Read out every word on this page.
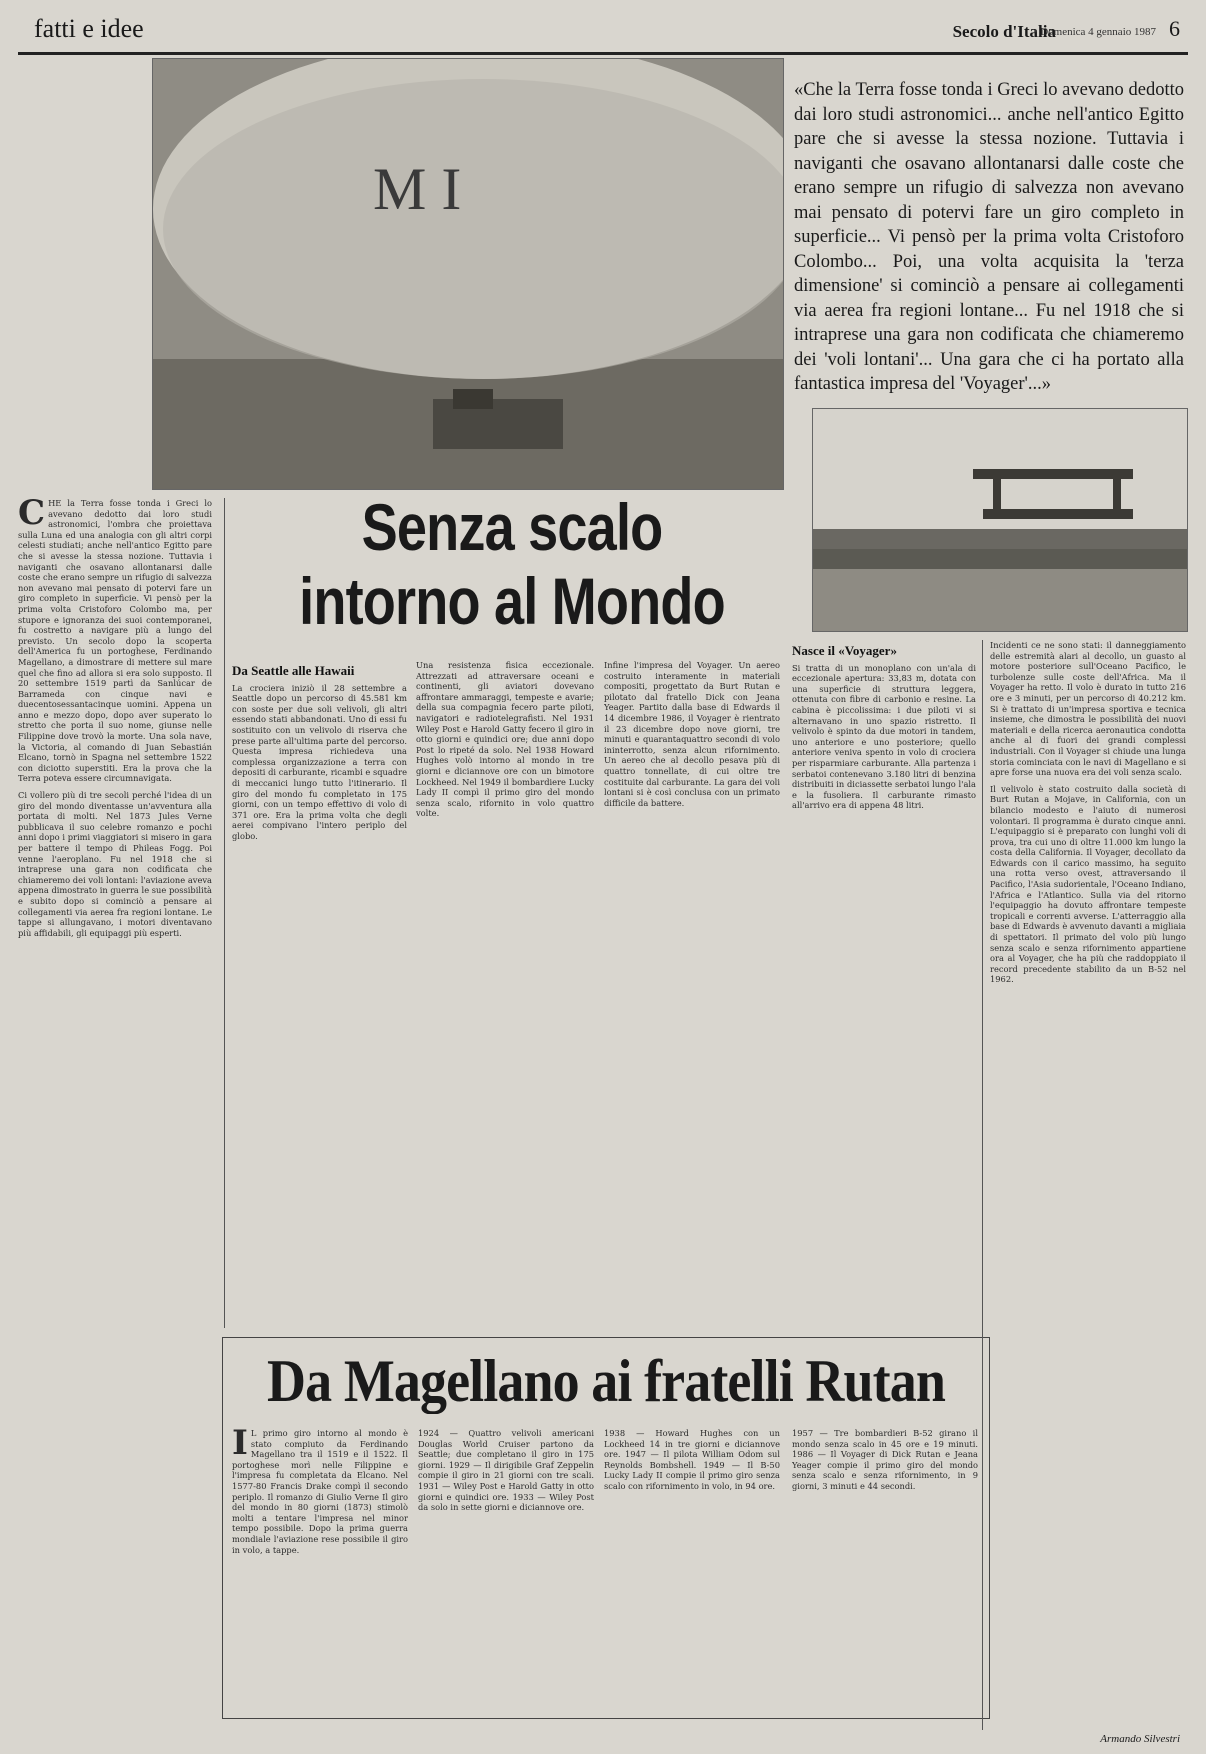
fatti e idee	Secolo d'Italia
• Domenica 4 gennaio 1987 6
M I
«Che la Terra fosse tonda i Greci lo avevano dedotto dai loro studi astronomici... anche nell'antico Egitto pare che si avesse la stessa nozione. Tuttavia i naviganti che osavano allontanarsi dalle coste che erano sempre un rifugio di salvezza non avevano mai pensato di potervi fare un giro completo in superficie... Vi pensò per la prima volta Cristoforo Colombo... Poi, una volta acquisita la 'terza dimensione' si cominciò a pensare ai collegamenti via aerea fra regioni lontane... Fu nel 1918 che si intraprese una gara non codificata che chiameremo dei 'voli lontani'... Una gara che ci ha portato alla fantastica impresa del 'Voyager'...»
Senza scalo
intorno al Mondo
C HE la Terra fosse tonda i Greci lo avevano dedotto dai loro studi astronomici, l'ombra che proiettava sulla Luna ed una analogia con gli altri corpi celesti studiati; anche nell'antico Egitto pare che si avesse la stessa nozione. Tuttavia i naviganti che osavano allontanarsi dalle coste che erano sempre un rifugio di salvezza non avevano mai pensato di potervi fare un giro completo in superficie. Vi pensò per la prima volta Cristoforo Colombo ma, per stupore e ignoranza dei suoi contemporanei, fu costretto a navigare più a lungo del previsto. Un secolo dopo la scoperta dell'America fu un portoghese, Ferdinando Magellano, a dimostrare di mettere sul mare quel che fino ad allora si era solo supposto. Il 20 settembre 1519 partì da Sanlúcar de Barrameda con cinque navi e duecentosessantacinque uomini. Appena un anno e mezzo dopo, dopo aver superato lo stretto che porta il suo nome, giunse nelle Filippine dove trovò la morte. Una sola nave, la Victoria, al comando di Juan Sebastián Elcano, tornò in Spagna nel settembre 1522 con diciotto superstiti. Era la prova che la Terra poteva essere circumnavigata.

Ci vollero più di tre secoli perché l'idea di un giro del mondo diventasse un'avventura alla portata di molti. Nel 1873 Jules Verne pubblicava il suo celebre romanzo e pochi anni dopo i primi viaggiatori si misero in gara per battere il tempo di Phileas Fogg. Poi venne l'aeroplano. Fu nel 1918 che si intraprese una gara non codificata che chiameremo dei voli lontani: l'aviazione aveva appena dimostrato in guerra le sue possibilità e subito dopo si cominciò a pensare ai collegamenti via aerea fra regioni lontane. Le tappe si allungavano, i motori diventavano più affidabili, gli equipaggi più esperti.

Da Seattle alle Hawaii
La crociera iniziò il 28 settembre a Seattle dopo un percorso di 45.581 km con soste per due soli velivoli, gli altri essendo stati abbandonati. Uno di essi fu sostituito con un velivolo di riserva che prese parte all'ultima parte del percorso. Questa impresa richiedeva una complessa organizzazione a terra con depositi di carburante, ricambi e squadre di meccanici lungo tutto l'itinerario. Il giro del mondo fu completato in 175 giorni, con un tempo effettivo di volo di 371 ore. Era la prima volta che degli aerei compivano l'intero periplo del globo.
Una resistenza fisica eccezionale. Attrezzati ad attraversare oceani e continenti, gli aviatori dovevano affrontare ammaraggi, tempeste e avarie; della sua compagnia fecero parte piloti, navigatori e radiotelegrafisti. Nel 1931 Wiley Post e Harold Gatty fecero il giro in otto giorni e quindici ore; due anni dopo Post lo ripeté da solo. Nel 1938 Howard Hughes volò intorno al mondo in tre giorni e diciannove ore con un bimotore Lockheed. Nel 1949 il bombardiere Lucky Lady II compì il primo giro del mondo senza scalo, rifornito in volo quattro volte.
Infine l'impresa del Voyager. Un aereo costruito interamente in materiali compositi, progettato da Burt Rutan e pilotato dal fratello Dick con Jeana Yeager. Partito dalla base di Edwards il 14 dicembre 1986, il Voyager è rientrato il 23 dicembre dopo nove giorni, tre minuti e quarantaquattro secondi di volo ininterrotto, senza alcun rifornimento. Un aereo che al decollo pesava più di quattro tonnellate, di cui oltre tre costituite dal carburante. La gara dei voli lontani si è così conclusa con un primato difficile da battere.
Nasce il «Voyager»
Si tratta di un monoplano con un'ala di eccezionale apertura: 33,83 m, dotata con una superficie di struttura leggera, ottenuta con fibre di carbonio e resine. La cabina è piccolissima: i due piloti vi si alternavano in uno spazio ristretto. Il velivolo è spinto da due motori in tandem, uno anteriore e uno posteriore; quello anteriore veniva spento in volo di crociera per risparmiare carburante. Alla partenza i serbatoi contenevano 3.180 litri di benzina distribuiti in diciassette serbatoi lungo l'ala e la fusoliera. Il carburante rimasto all'arrivo era di appena 48 litri.
Incidenti ce ne sono stati: il danneggiamento delle estremità alari al decollo, un guasto al motore posteriore sull'Oceano Pacifico, le turbolenze sulle coste dell'Africa. Ma il Voyager ha retto. Il volo è durato in tutto 216 ore e 3 minuti, per un percorso di 40.212 km. Si è trattato di un'impresa sportiva e tecnica insieme, che dimostra le possibilità dei nuovi materiali e della ricerca aeronautica condotta anche al di fuori dei grandi complessi industriali. Con il Voyager si chiude una lunga storia cominciata con le navi di Magellano e si apre forse una nuova era dei voli senza scalo.

Il velivolo è stato costruito dalla società di Burt Rutan a Mojave, in California, con un bilancio modesto e l'aiuto di numerosi volontari. Il programma è durato cinque anni. L'equipaggio si è preparato con lunghi voli di prova, tra cui uno di oltre 11.000 km lungo la costa della California. Il Voyager, decollato da Edwards con il carico massimo, ha seguito una rotta verso ovest, attraversando il Pacifico, l'Asia sudorientale, l'Oceano Indiano, l'Africa e l'Atlantico. Sulla via del ritorno l'equipaggio ha dovuto affrontare tempeste tropicali e correnti avverse. L'atterraggio alla base di Edwards è avvenuto davanti a migliaia di spettatori. Il primato del volo più lungo senza scalo e senza rifornimento appartiene ora al Voyager, che ha più che raddoppiato il record precedente stabilito da un B-52 nel 1962.

Da Magellano ai fratelli Rutan
I L primo giro intorno al mondo è stato compiuto da Ferdinando Magellano tra il 1519 e il 1522. Il portoghese morì nelle Filippine e l'impresa fu completata da Elcano. Nel 1577-80 Francis Drake compì il secondo periplo. Il romanzo di Giulio Verne Il giro del mondo in 80 giorni (1873) stimolò molti a tentare l'impresa nel minor tempo possibile. Dopo la prima guerra mondiale l'aviazione rese possibile il giro in volo, a tappe.
1924 — Quattro velivoli americani Douglas World Cruiser partono da Seattle; due completano il giro in 175 giorni. 1929 — Il dirigibile Graf Zeppelin compie il giro in 21 giorni con tre scali. 1931 — Wiley Post e Harold Gatty in otto giorni e quindici ore. 1933 — Wiley Post da solo in sette giorni e diciannove ore.
1938 — Howard Hughes con un Lockheed 14 in tre giorni e diciannove ore. 1947 — Il pilota William Odom sul Reynolds Bombshell. 1949 — Il B-50 Lucky Lady II compie il primo giro senza scalo con rifornimento in volo, in 94 ore.
1957 — Tre bombardieri B-52 girano il mondo senza scalo in 45 ore e 19 minuti. 1986 — Il Voyager di Dick Rutan e Jeana Yeager compie il primo giro del mondo senza scalo e senza rifornimento, in 9 giorni, 3 minuti e 44 secondi.
Armando Silvestri
